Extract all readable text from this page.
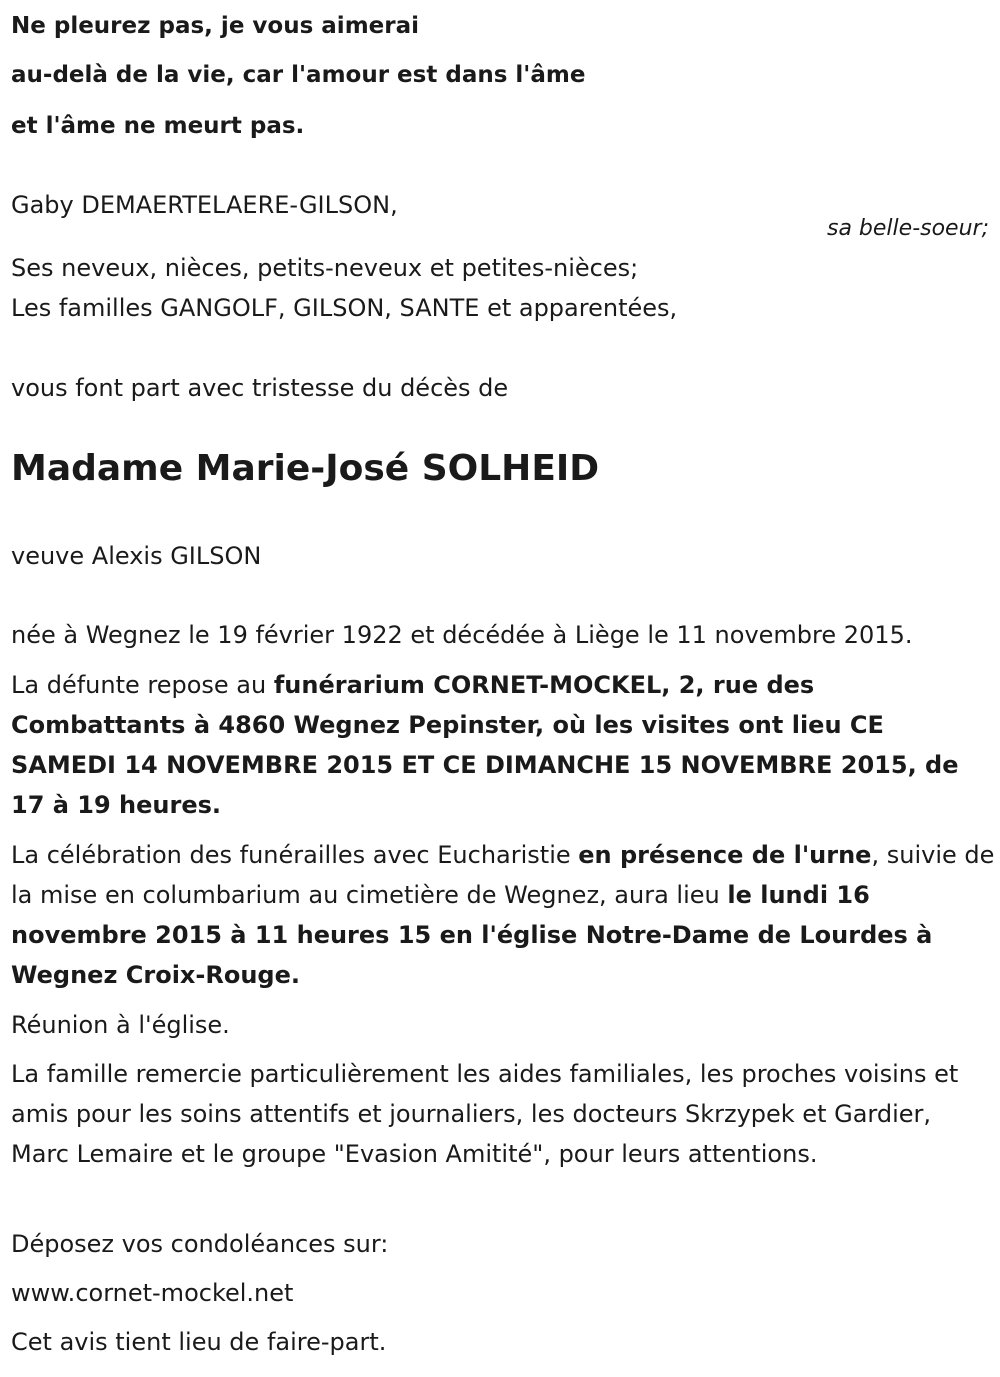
Ne pleurez pas, je vous aimerai
au-delà de la vie, car l'amour est dans l'âme
et l'âme ne meurt pas.
Gaby DEMAERTELAERE-GILSON,
sa belle-soeur;
Ses neveux, nièces, petits-neveux et petites-nièces;
Les familles GANGOLF, GILSON, SANTE et apparentées,
vous font part avec tristesse du décès de
Madame Marie-José SOLHEID
veuve Alexis GILSON
née à Wegnez le 19 février 1922 et décédée à Liège le 11 novembre 2015.
La défunte repose au funérarium CORNET-MOCKEL, 2, rue des Combattants à 4860 Wegnez Pepinster, où les visites ont lieu CE SAMEDI 14 NOVEMBRE 2015 ET CE DIMANCHE 15 NOVEMBRE 2015, de 17 à 19 heures.
La célébration des funérailles avec Eucharistie en présence de l'urne, suivie de la mise en columbarium au cimetière de Wegnez, aura lieu le lundi 16 novembre 2015 à 11 heures 15 en l'église Notre-Dame de Lourdes à Wegnez Croix-Rouge.
Réunion à l'église.
La famille remercie particulièrement les aides familiales, les proches voisins et amis pour les soins attentifs et journaliers, les docteurs Skrzypek et Gardier, Marc Lemaire et le groupe "Evasion Amitité", pour leurs attentions.
Déposez vos condoléances sur:
www.cornet-mockel.net
Cet avis tient lieu de faire-part.
